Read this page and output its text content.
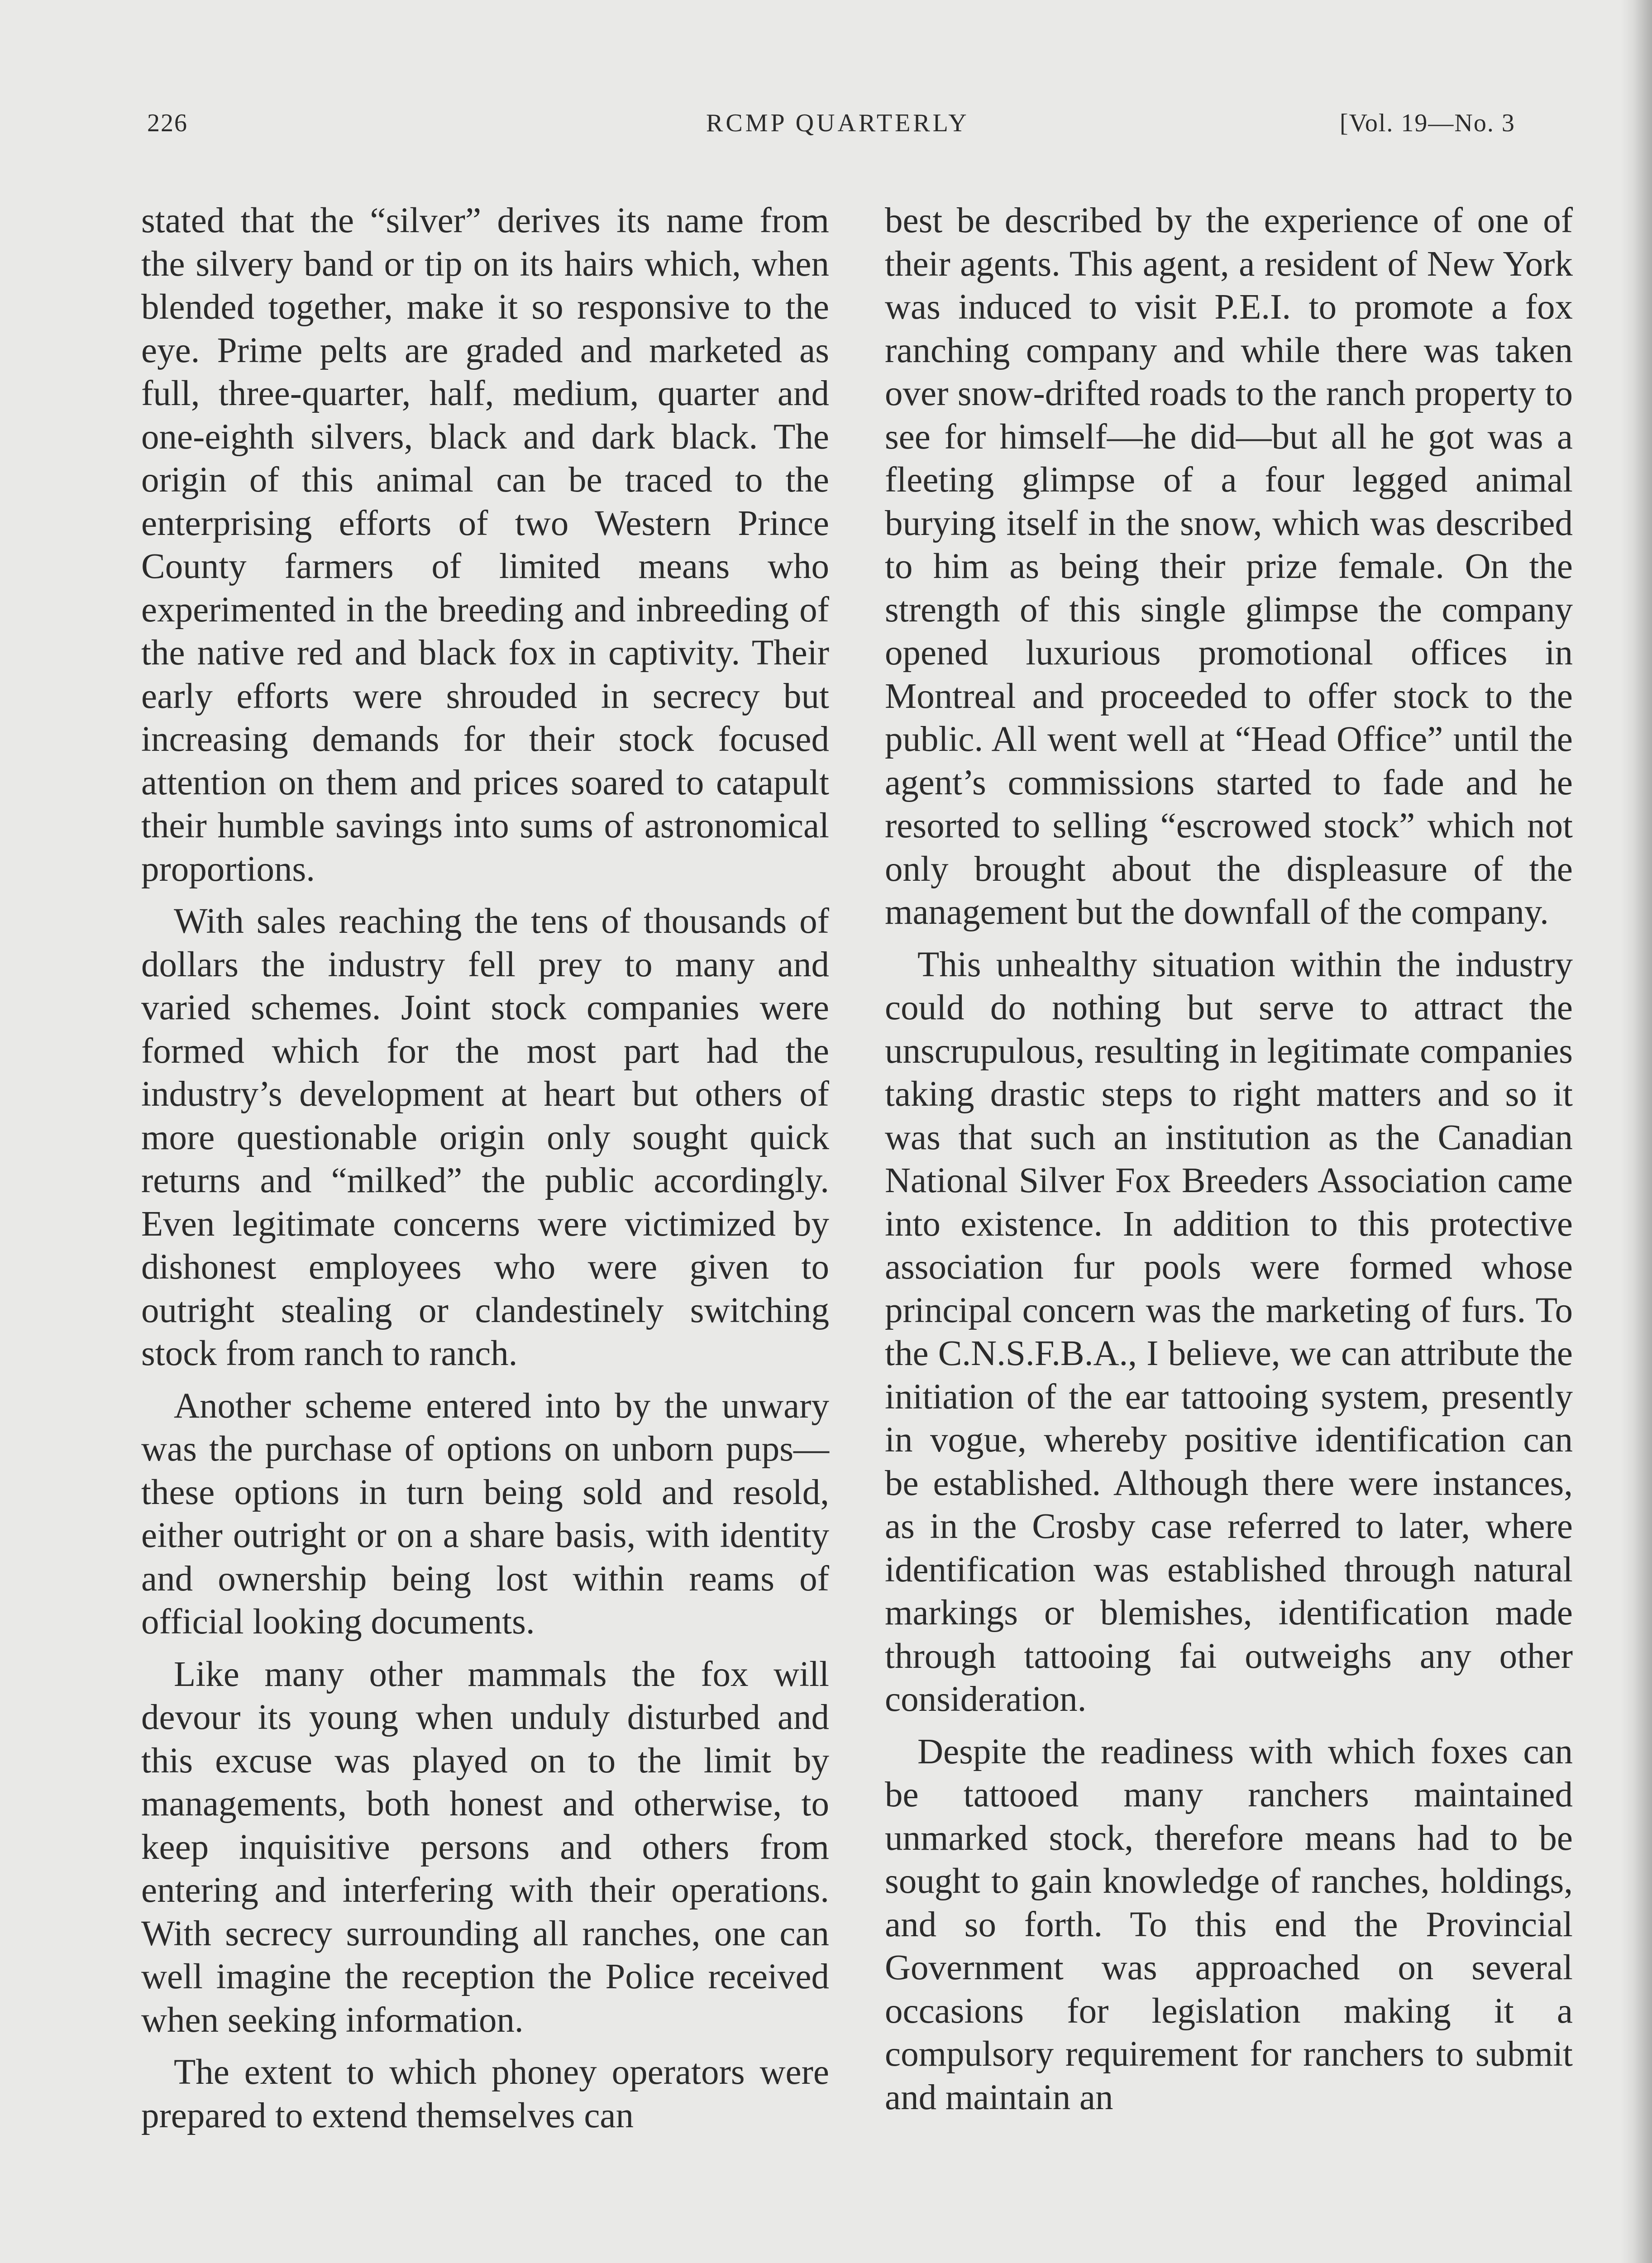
226	RCMP QUARTERLY	[Vol. 19—No. 3

stated that the “silver” derives its name from the silvery band or tip on its hairs which, when blended together, make it so responsive to the eye. Prime pelts are graded and marketed as full, three-quarter, half, medium, quarter and one-eighth silvers, black and dark black. The origin of this animal can be traced to the enterprising efforts of two Western Prince County farmers of limited means who experimented in the breeding and inbreeding of the native red and black fox in captivity. Their early efforts were shrouded in secrecy but increasing demands for their stock focused attention on them and prices soared to catapult their humble savings into sums of astronomical proportions.

With sales reaching the tens of thousands of dollars the industry fell prey to many and varied schemes. Joint stock companies were formed which for the most part had the industry’s development at heart but others of more questionable origin only sought quick returns and “milked” the public accordingly. Even legitimate concerns were victimized by dishonest employees who were given to outright stealing or clandestinely switching stock from ranch to ranch.

Another scheme entered into by the unwary was the purchase of options on unborn pups—these options in turn being sold and resold, either outright or on a share basis, with identity and ownership being lost within reams of official looking documents.

Like many other mammals the fox will devour its young when unduly disturbed and this excuse was played on to the limit by managements, both honest and otherwise, to keep inquisitive persons and others from entering and interfering with their operations. With secrecy surrounding all ranches, one can well imagine the reception the Police received when seeking information.

The extent to which phoney operators were prepared to extend themselves can

best be described by the experience of one of their agents. This agent, a resident of New York was induced to visit P.E.I. to promote a fox ranching company and while there was taken over snow-drifted roads to the ranch property to see for himself—he did—but all he got was a fleeting glimpse of a four legged animal burying itself in the snow, which was described to him as being their prize female. On the strength of this single glimpse the company opened luxurious promotional offices in Montreal and proceeded to offer stock to the public. All went well at “Head Office” until the agent’s commissions started to fade and he resorted to selling “escrowed stock” which not only brought about the displeasure of the management but the downfall of the company.

This unhealthy situation within the industry could do nothing but serve to attract the unscrupulous, resulting in legitimate companies taking drastic steps to right matters and so it was that such an institution as the Canadian National Silver Fox Breeders Association came into existence. In addition to this protective association fur pools were formed whose principal concern was the marketing of furs. To the C.N.S.F.B.A., I believe, we can attribute the initiation of the ear tattooing system, presently in vogue, whereby positive identification can be established. Although there were instances, as in the Crosby case referred to later, where identification was established through natural markings or blemishes, identification made through tattooing fai outweighs any other consideration.

Despite the readiness with which foxes can be tattooed many ranchers maintained unmarked stock, therefore means had to be sought to gain knowledge of ranches, holdings, and so forth. To this end the Provincial Government was approached on several occasions for legislation making it a compulsory requirement for ranchers to submit and maintain an
